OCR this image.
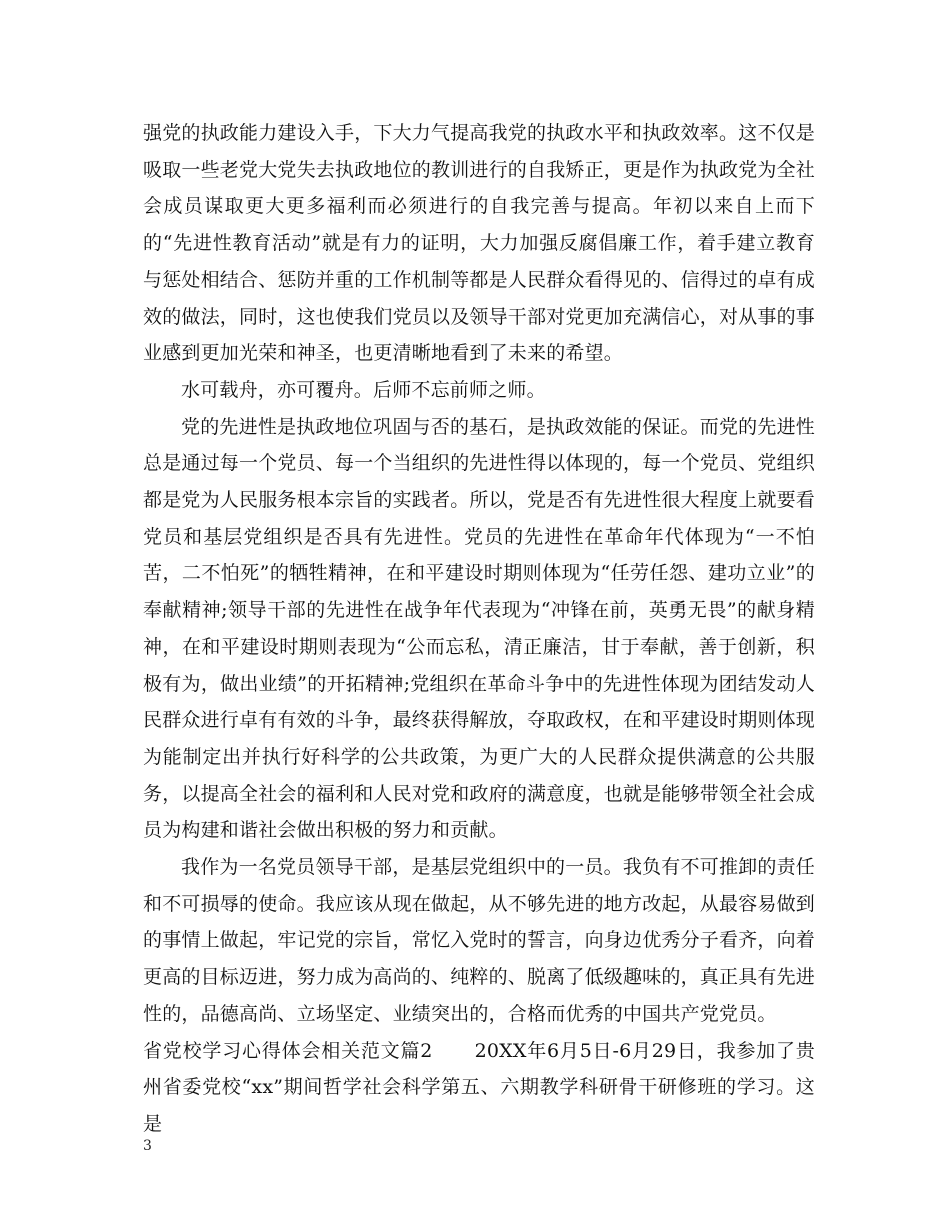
强党的执政能力建设入手，下大力气提高我党的执政水平和执政效率。这不仅是吸取一些老党大党失去执政地位的教训进行的自我矫正，更是作为执政党为全社会成员谋取更大更多福利而必须进行的自我完善与提高。年初以来自上而下的“先进性教育活动”就是有力的证明，大力加强反腐倡廉工作，着手建立教育与惩处相结合、惩防并重的工作机制等都是人民群众看得见的、信得过的卓有成效的做法，同时，这也使我们党员以及领导干部对党更加充满信心，对从事的事业感到更加光荣和神圣，也更清晰地看到了未来的希望。

水可载舟，亦可覆舟。后师不忘前师之师。

党的先进性是执政地位巩固与否的基石，是执政效能的保证。而党的先进性总是通过每一个党员、每一个当组织的先进性得以体现的，每一个党员、党组织都是党为人民服务根本宗旨的实践者。所以，党是否有先进性很大程度上就要看党员和基层党组织是否具有先进性。党员的先进性在革命年代体现为“一不怕苦，二不怕死”的牺牲精神，在和平建设时期则体现为“任劳任怨、建功立业”的奉献精神;领导干部的先进性在战争年代表现为“冲锋在前，英勇无畏”的献身精神，在和平建设时期则表现为“公而忘私，清正廉洁，甘于奉献，善于创新，积极有为，做出业绩”的开拓精神;党组织在革命斗争中的先进性体现为团结发动人民群众进行卓有有效的斗争，最终获得解放，夺取政权，在和平建设时期则体现为能制定出并执行好科学的公共政策，为更广大的人民群众提供满意的公共服务，以提高全社会的福利和人民对党和政府的满意度，也就是能够带领全社会成员为构建和谐社会做出积极的努力和贡献。

我作为一名党员领导干部，是基层党组织中的一员。我负有不可推卸的责任和不可损辱的使命。我应该从现在做起，从不够先进的地方改起，从最容易做到的事情上做起，牢记党的宗旨，常忆入党时的誓言，向身边优秀分子看齐，向着更高的目标迈进，努力成为高尚的、纯粹的、脱离了低级趣味的，真正具有先进性的，品德高尚、立场坚定、业绩突出的，合格而优秀的中国共产党党员。

省党校学习心得体会相关范文篇2 20XX年6月5日-6月29日，我参加了贵州省委党校“xx”期间哲学社会科学第五、六期教学科研骨干研修班的学习。这是

3
